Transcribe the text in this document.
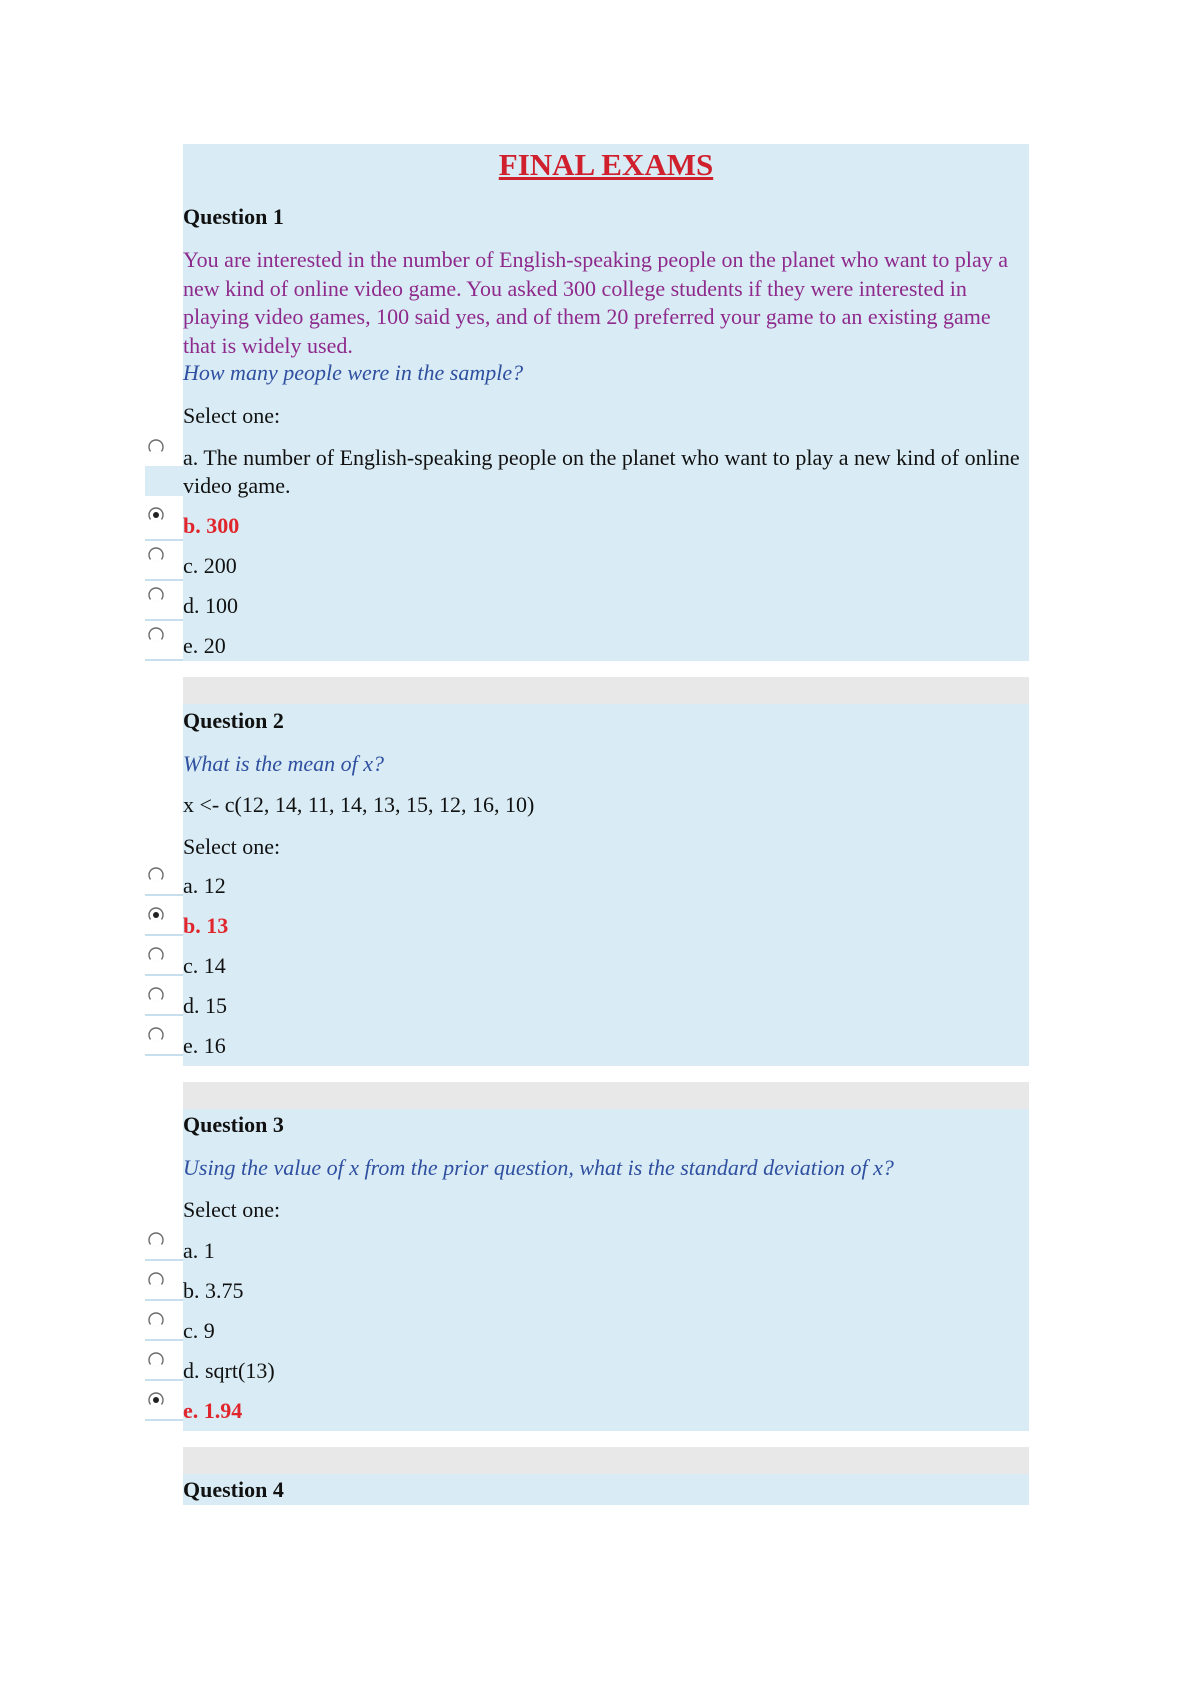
FINAL EXAMS
Question 1
You are interested in the number of English-speaking people on the planet who want to play a new kind of online video game. You asked 300 college students if they were interested in playing video games, 100 said yes, and of them 20 preferred your game to an existing game that is widely used.
How many people were in the sample?
Select one:
a. The number of English-speaking people on the planet who want to play a new kind of online video game.
b. 300
c. 200
d. 100
e. 20
Question 2
What is the mean of x?
x <- c(12, 14, 11, 14, 13, 15, 12, 16, 10)
Select one:
a. 12
b. 13
c. 14
d. 15
e. 16
Question 3
Using the value of x from the prior question, what is the standard deviation of x?
Select one:
a. 1
b. 3.75
c. 9
d. sqrt(13)
e. 1.94
Question 4
